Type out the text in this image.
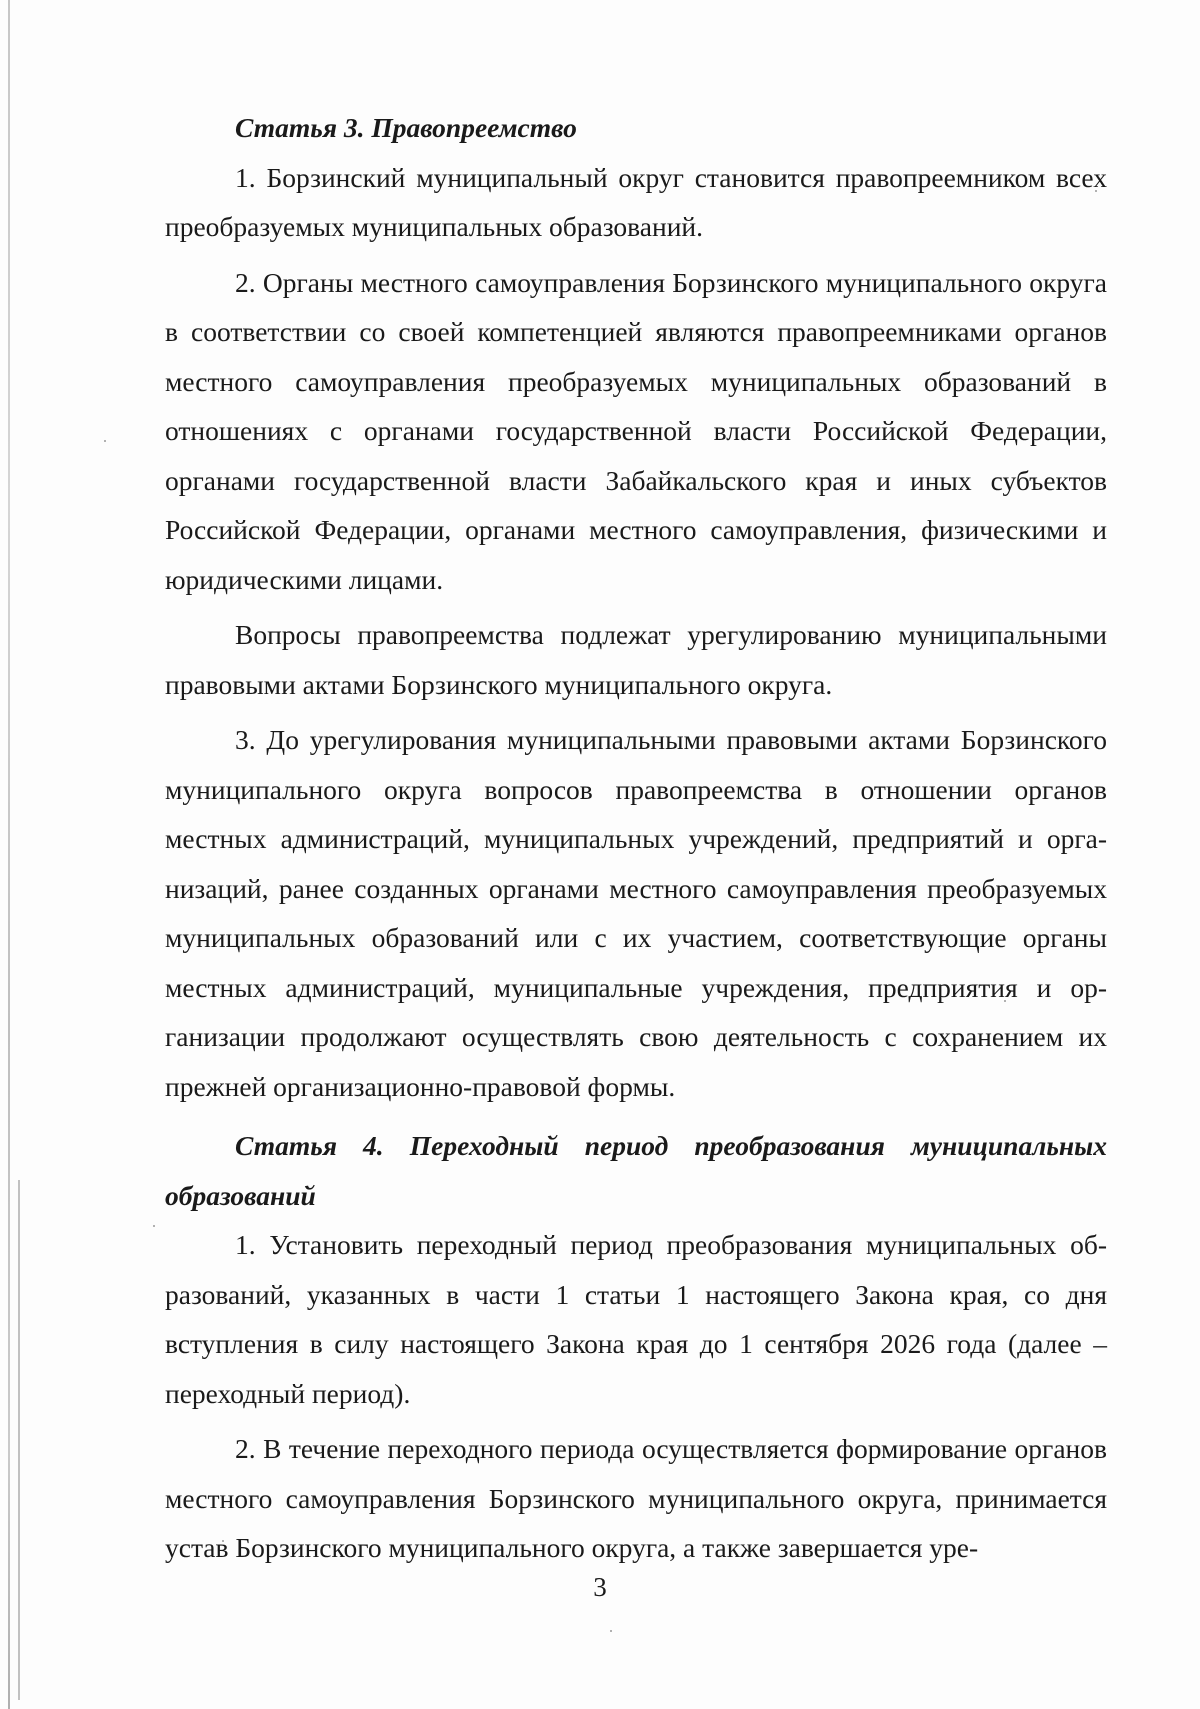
Статья 3. Правопреемство

1. Борзинский муниципальный округ становится правопреемником всех преобразуемых муниципальных образований.

2. Органы местного самоуправления Борзинского муниципального округа в соответствии со своей компетенцией являются правопреемниками органов местного самоуправления преобразуемых муниципальных образований в отношениях с органами государственной власти Российской Федерации, органами государственной власти Забайкальского края и иных субъектов Российской Федерации, органами местного самоуправления, физическими и юридическими лицами.

Вопросы правопреемства подлежат урегулированию муниципальными правовыми актами Борзинского муниципального округа.

3. До урегулирования муниципальными правовыми актами Борзинского муниципального округа вопросов правопреемства в отношении органов местных администраций, муниципальных учреждений, предприятий и организаций, ранее созданных органами местного самоуправления преобразуемых муниципальных образований или с их участием, соответствующие органы местных администраций, муниципальные учреждения, предприятия и организации продолжают осуществлять свою деятельность с сохранением их прежней организационно-правовой формы.

Статья 4. Переходный период преобразования муниципальных образований

1. Установить переходный период преобразования муниципальных образований, указанных в части 1 статьи 1 настоящего Закона края, со дня вступления в силу настоящего Закона края до 1 сентября 2026 года (далее – переходный период).

2. В течение переходного периода осуществляется формирование органов местного самоуправления Борзинского муниципального округа, принимается устав Борзинского муниципального округа, а также завершается уре-

3
